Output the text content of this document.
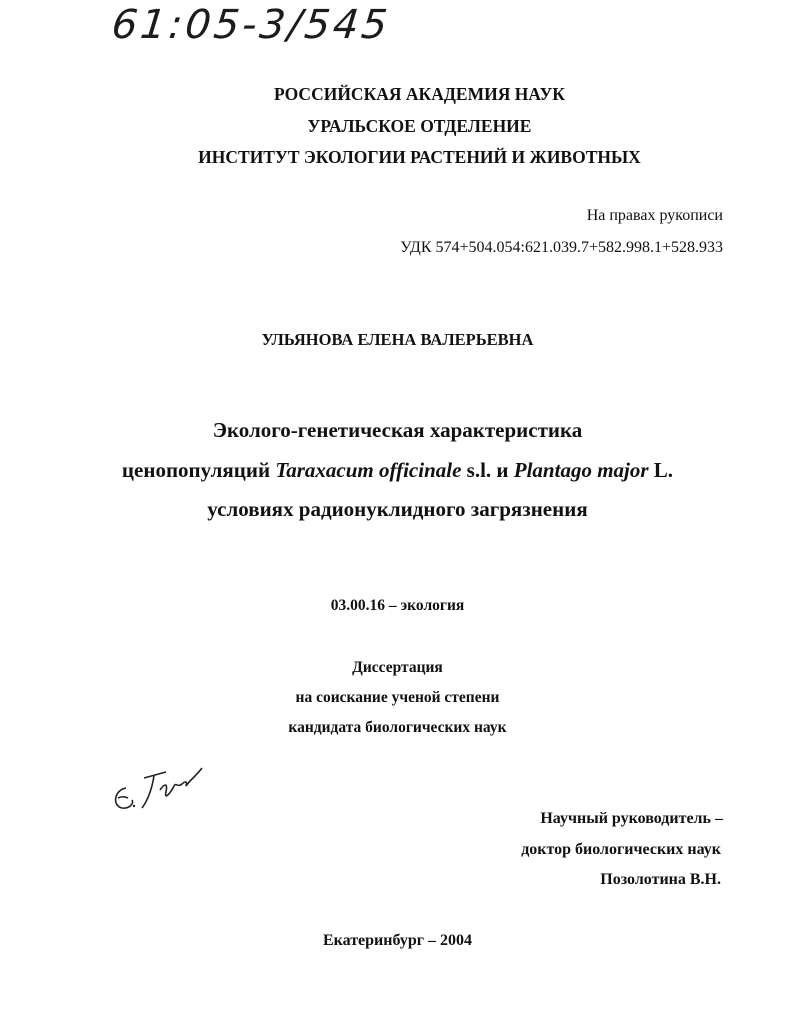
61:05-3/545
РОССИЙСКАЯ АКАДЕМИЯ НАУК
УРАЛЬСКОЕ ОТДЕЛЕНИЕ
ИНСТИТУТ ЭКОЛОГИИ РАСТЕНИЙ И ЖИВОТНЫХ
На правах рукописи
УДК 574+504.054:621.039.7+582.998.1+528.933
УЛЬЯНОВА ЕЛЕНА ВАЛЕРЬЕВНА
Эколого-генетическая характеристика
ценопопуляций Taraxacum officinale s.l. и Plantago major L.
условиях радионуклидного загрязнения
03.00.16 – экология
Диссертация
на соискание ученой степени
кандидата биологических наук
Научный руководитель –
доктор биологических наук
Позолотина В.Н.
Екатеринбург – 2004
